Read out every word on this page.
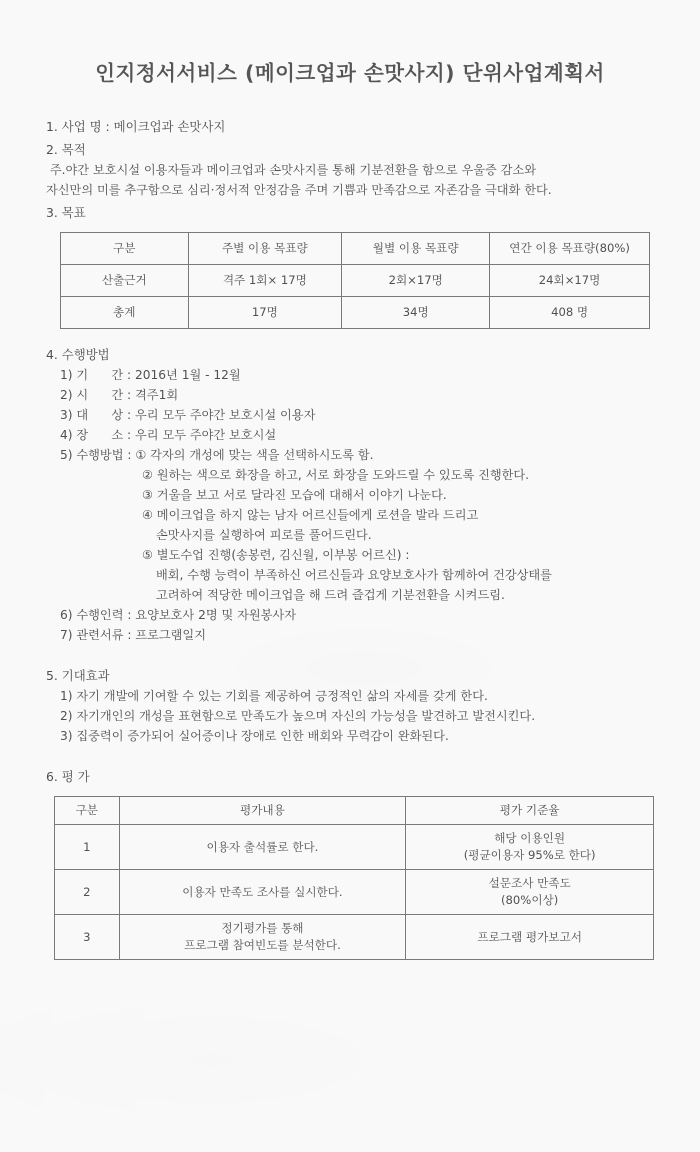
인지정서서비스 (메이크업과 손맛사지) 단위사업계획서
1. 사업 명 : 메이크업과 손맛사지
2. 목적
주.야간 보호시설 이용자들과 메이크업과 손맛사지를 통해 기분전환을 함으로 우울증 감소와
자신만의 미를 추구함으로 심리·정서적 안정감을 주며 기쁨과 만족감으로 자존감을 극대화 한다.
3. 목표
구분	주별 이용 목표량	월별 이용 목표량	연간 이용 목표량(80%)
산출근거	격주 1회× 17명	2회×17명	24회×17명
총계	17명	34명	408 명
4. 수행방법
1) 기      간 : 2016년 1월 - 12월
2) 시      간 : 격주1회
3) 대      상 : 우리 모두 주야간 보호시설 이용자
4) 장      소 : 우리 모두 주야간 보호시설
5) 수행방법 : ① 각자의 개성에 맞는 색을 선택하시도록 함.
② 원하는 색으로 화장을 하고, 서로 화장을 도와드릴 수 있도록 진행한다.
③ 거울을 보고 서로 달라진 모습에 대해서 이야기 나눈다.
④ 메이크업을 하지 않는 남자 어르신들에게 로션을 발라 드리고
손맛사지를 실행하여 피로를 풀어드린다.
⑤ 별도수업 진행(송봉련, 김신월, 이부봉 어르신) :
배회, 수행 능력이 부족하신 어르신들과 요양보호사가 함께하여 건강상태를
고려하여 적당한 메이크업을 해 드려 즐겁게 기분전환을 시켜드림.
6) 수행인력 : 요양보호사 2명 및 자원봉사자
7) 관련서류 : 프로그램일지
5. 기대효과
1) 자기 개발에 기여할 수 있는 기회를 제공하여 긍정적인 삶의 자세를 갖게 한다.
2) 자기개인의 개성을 표현함으로 만족도가 높으며 자신의 가능성을 발견하고 발전시킨다.
3) 집중력이 증가되어 실어증이나 장애로 인한 배회와 무력감이 완화된다.
6. 평 가
구분	평가내용	평가 기준율
1	이용자 출석률로 한다.	해당 이용인원
(평균이용자 95%로 한다)

2	이용자 만족도 조사를 실시한다.	설문조사 만족도
(80%이상)

3	정기평가를 통해
프로그램 참여빈도를 분석한다.	프로그램 평가보고서
